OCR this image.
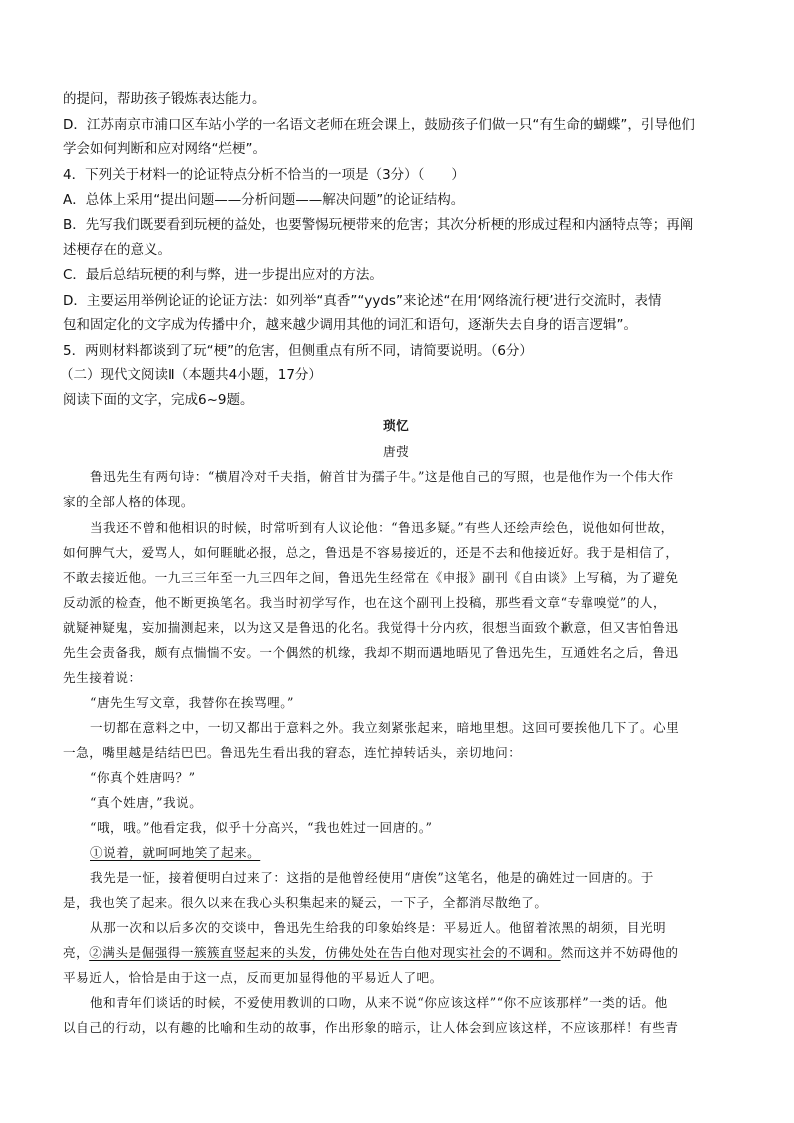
的提问，帮助孩子锻炼表达能力。
D．江苏南京市浦口区车站小学的一名语文老师在班会课上，鼓励孩子们做一只“有生命的蝴蝶”，引导他们
学会如何判断和应对网络“烂梗”。
4．下列关于材料一的论证特点分析不恰当的一项是（3分）（　　）
A．总体上采用“提出问题——分析问题——解决问题”的论证结构。
B．先写我们既要看到玩梗的益处，也要警惕玩梗带来的危害；其次分析梗的形成过程和内涵特点等；再阐
述梗存在的意义。
C．最后总结玩梗的利与弊，进一步提出应对的方法。
D．主要运用举例论证的论证方法：如列举“真香”“yyds”来论述“在用‘网络流行梗’进行交流时，表情
包和固定化的文字成为传播中介，越来越少调用其他的词汇和语句，逐渐失去自身的语言逻辑”。
5．两则材料都谈到了玩“梗”的危害，但侧重点有所不同，请简要说明。（6分）
（二）现代文阅读Ⅱ（本题共4小题，17分）
阅读下面的文字，完成6~9题。
琐忆
唐弢
鲁迅先生有两句诗：“横眉冷对千夫指，俯首甘为孺子牛。”这是他自己的写照，也是他作为一个伟大作
家的全部人格的体现。
当我还不曾和他相识的时候，时常听到有人议论他：“鲁迅多疑。”有些人还绘声绘色，说他如何世故，
如何脾气大，爱骂人，如何睚眦必报，总之，鲁迅是不容易接近的，还是不去和他接近好。我于是相信了，
不敢去接近他。一九三三年至一九三四年之间，鲁迅先生经常在《申报》副刊《自由谈》上写稿，为了避免
反动派的检查，他不断更换笔名。我当时初学写作，也在这个副刊上投稿，那些看文章“专靠嗅觉”的人，
就疑神疑鬼，妄加揣测起来，以为这又是鲁迅的化名。我觉得十分内疚，很想当面致个歉意，但又害怕鲁迅
先生会责备我，颇有点惴惴不安。一个偶然的机缘，我却不期而遇地晤见了鲁迅先生，互通姓名之后，鲁迅
先生接着说：
“唐先生写文章，我替你在挨骂哩。”
一切都在意料之中，一切又都出于意料之外。我立刻紧张起来，暗地里想。这回可要挨他几下了。心里
一急，嘴里越是结结巴巴。鲁迅先生看出我的窘态，连忙掉转话头，亲切地问：
“你真个姓唐吗？”
“真个姓唐，”我说。
“哦，哦。”他看定我，似乎十分高兴，“我也姓过一回唐的。”
①说着，就呵呵地笑了起来。
我先是一怔，接着便明白过来了：这指的是他曾经使用“唐俟”这笔名，他是的确姓过一回唐的。于
是，我也笑了起来。很久以来在我心头积集起来的疑云，一下子，全都消尽散绝了。
从那一次和以后多次的交谈中，鲁迅先生给我的印象始终是：平易近人。他留着浓黑的胡须，目光明
亮，②满头是倔强得一簇簇直竖起来的头发，仿佛处处在告白他对现实社会的不调和。然而这并不妨碍他的
平易近人，恰恰是由于这一点，反而更加显得他的平易近人了吧。
他和青年们谈话的时候，不爱使用教训的口吻，从来不说“你应该这样”“你不应该那样”一类的话。他
以自己的行动，以有趣的比喻和生动的故事，作出形象的暗示，让人体会到应该这样，不应该那样！有些青
